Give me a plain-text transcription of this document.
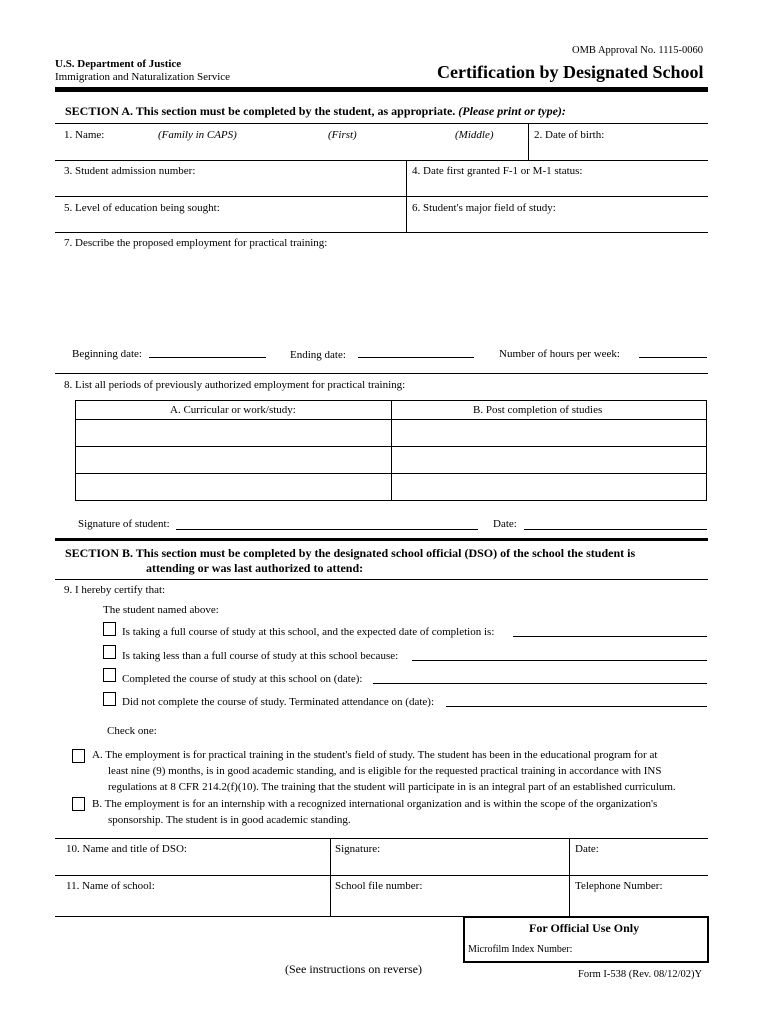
OMB Approval No. 1115-0060
U.S. Department of Justice
Immigration and Naturalization Service	Certification by Designated School
SECTION A. This section must be completed by the student, as appropriate. (Please print or type):
1. Name:	(Family in CAPS)	(First)	(Middle)	2. Date of birth:
3. Student admission number:	4. Date first granted F-1 or M-1 status:
5. Level of education being sought:	6. Student's major field of study:
7. Describe the proposed employment for practical training:
Beginning date:	Ending date:	Number of hours per week:
8. List all periods of previously authorized employment for practical training:
A. Curricular or work/study:	B. Post completion of studies
Signature of student:	Date:
SECTION B. This section must be completed by the designated school official (DSO) of the school the student is
attending or was last authorized to attend:
9. I hereby certify that:
The student named above:
Is taking a full course of study at this school, and the expected date of completion is:
Is taking less than a full course of study at this school because:
Completed the course of study at this school on (date):
Did not complete the course of study. Terminated attendance on (date):
Check one:
A. The employment is for practical training in the student's field of study. The student has been in the educational program for at
least nine (9) months, is in good academic standing, and is eligible for the requested practical training in accordance with INS
regulations at 8 CFR 214.2(f)(10). The training that the student will participate in is an integral part of an established curriculum.
B. The employment is for an internship with a recognized international organization and is within the scope of the organization's
sponsorship. The student is in good academic standing.
10. Name and title of DSO:	Signature:	Date:
11. Name of school:	School file number:	Telephone Number:
For Official Use Only
Microfilm Index Number:
(See instructions on reverse)	Form I-538 (Rev. 08/12/02)Y
